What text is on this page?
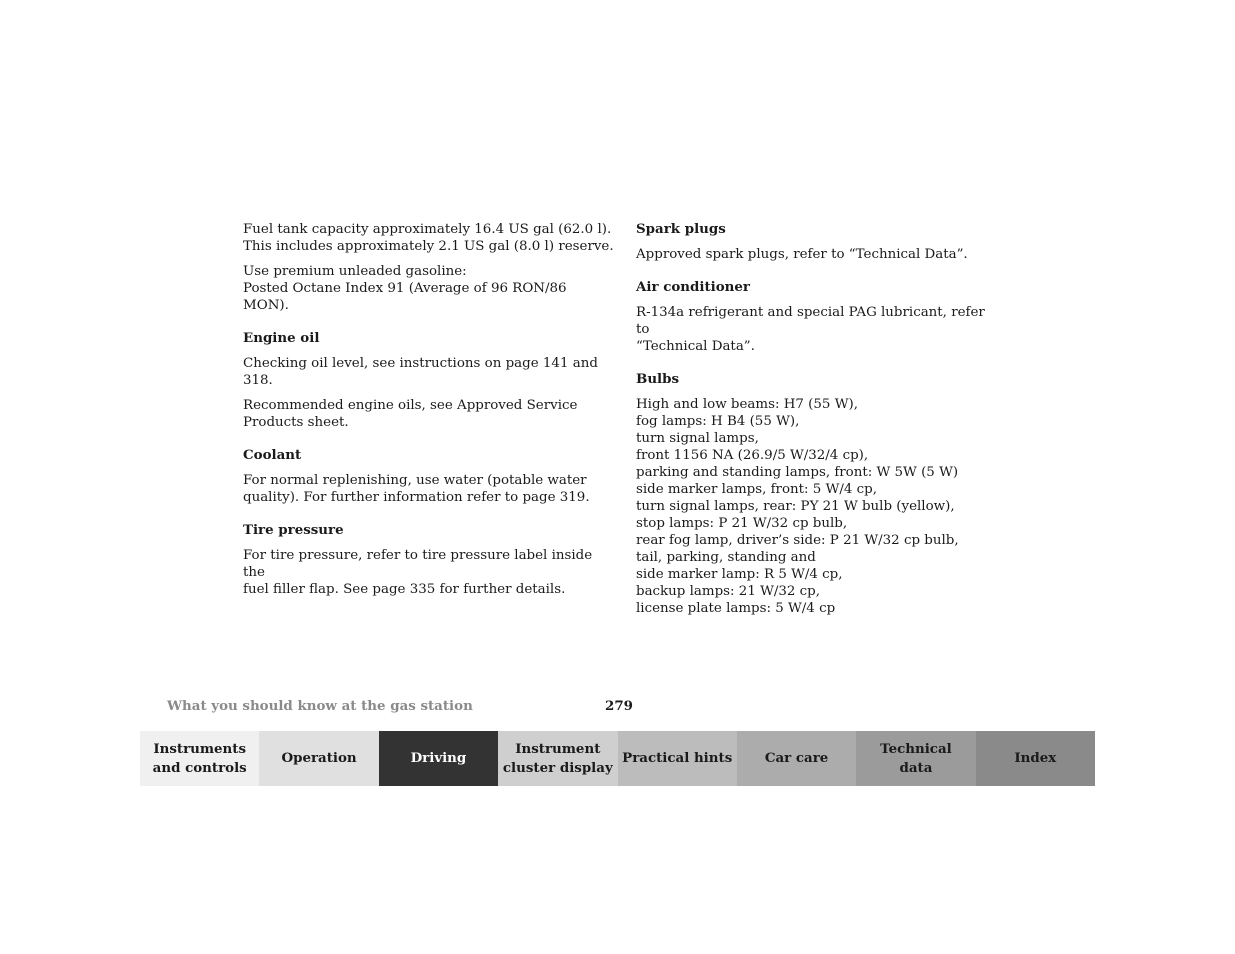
Fuel tank capacity approximately 16.4 US gal (62.0 l).
This includes approximately 2.1 US gal (8.0 l) reserve.

Use premium unleaded gasoline:
Posted Octane Index 91 (Average of 96 RON/86 MON).

Engine oil

Checking oil level, see instructions on page 141 and 318.

Recommended engine oils, see Approved Service
Products sheet.

Coolant

For normal replenishing, use water (potable water
quality). For further information refer to page 319.

Tire pressure

For tire pressure, refer to tire pressure label inside the
fuel filler flap. See page 335 for further details.

Spark plugs

Approved spark plugs, refer to “Technical Data”.

Air conditioner

R-134a refrigerant and special PAG lubricant, refer to
“Technical Data”.

Bulbs

High and low beams: H7 (55 W),
fog lamps: H B4 (55 W),
turn signal lamps,
front 1156 NA (26.9/5 W/32/4 cp),
parking and standing lamps, front: W 5W (5 W)
side marker lamps, front: 5 W/4 cp,
turn signal lamps, rear: PY 21 W bulb (yellow),
stop lamps: P 21 W/32 cp bulb,
rear fog lamp, driver’s side: P 21 W/32 cp bulb,
tail, parking, standing and
side marker lamp: R 5 W/4 cp,
backup lamps: 21 W/32 cp,
license plate lamps: 5 W/4 cp

What you should know at the gas station	279
Instruments
and controls
Operation	Driving
Instrument
cluster display
Practical hints	Car care
Technical
data
Index
